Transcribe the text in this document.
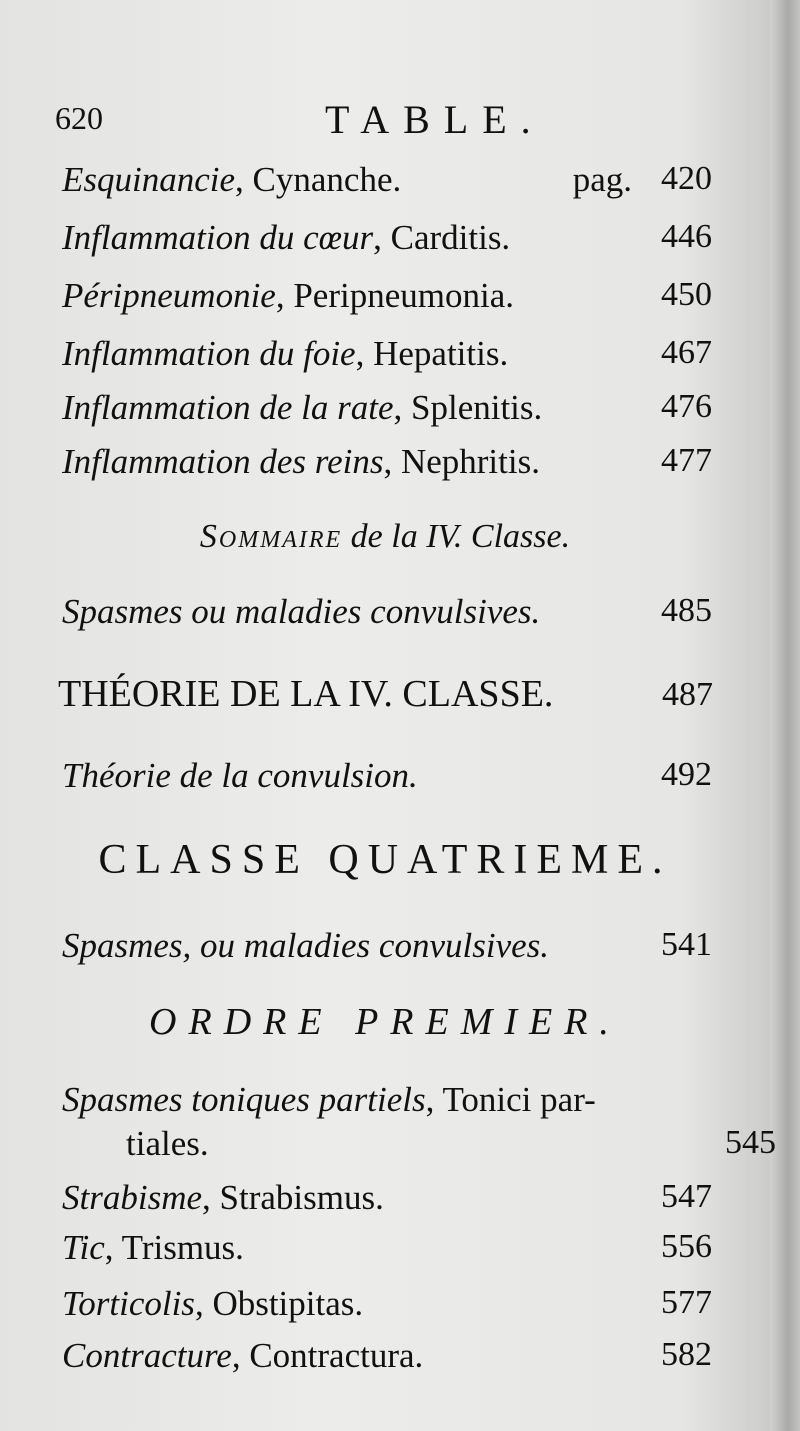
620	TABLE.
Esquinancie, Cynanche.	pag. 420
Inflammation du cœur, Carditis.	446
Péripneumonie, Peripneumonia.	450
Inflammation du foie, Hepatitis.	467
Inflammation de la rate, Splenitis.	476
Inflammation des reins, Nephritis.	477
Sommaire de la IV. Classe.
Spasmes ou maladies convulsives.	485
THÉORIE DE LA IV. CLASSE.	487
Théorie de la convulsion.	492
CLASSE QUATRIEME.
Spasmes, ou maladies convulsives.	541
ORDRE PREMIER.
Spasmes toniques partiels, Tonici par-
tiales.	545
Strabisme, Strabismus.	547
Tic, Trismus.	556
Torticolis, Obstipitas.	577
Contracture, Contractura.	582
